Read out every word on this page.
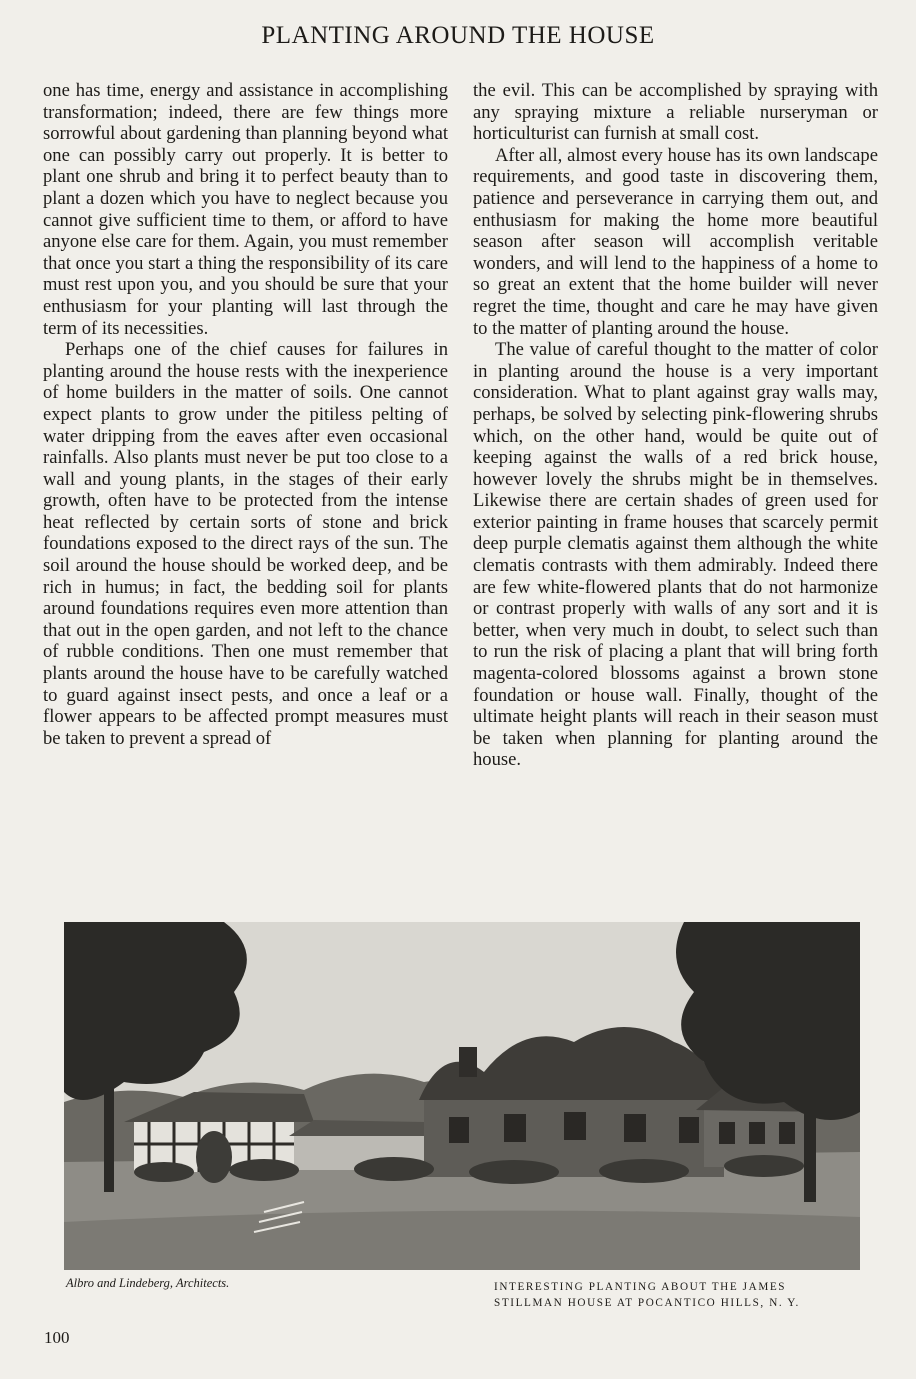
PLANTING AROUND THE HOUSE

one has time, energy and assistance in accomplishing transformation; indeed, there are few things more sorrowful about gardening than planning beyond what one can possibly carry out properly. It is better to plant one shrub and bring it to perfect beauty than to plant a dozen which you have to neglect because you cannot give sufficient time to them, or afford to have anyone else care for them. Again, you must remember that once you start a thing the responsibility of its care must rest upon you, and you should be sure that your enthusiasm for your planting will last through the term of its necessities.

Perhaps one of the chief causes for failures in planting around the house rests with the inexperience of home builders in the matter of soils. One cannot expect plants to grow under the pitiless pelting of water dripping from the eaves after even occasional rainfalls. Also plants must never be put too close to a wall and young plants, in the stages of their early growth, often have to be protected from the intense heat reflected by certain sorts of stone and brick foundations exposed to the direct rays of the sun. The soil around the house should be worked deep, and be rich in humus; in fact, the bedding soil for plants around foundations requires even more attention than that out in the open garden, and not left to the chance of rubble conditions. Then one must remember that plants around the house have to be carefully watched to guard against insect pests, and once a leaf or a flower appears to be affected prompt measures must be taken to prevent a spread of

the evil. This can be accomplished by spraying with any spraying mixture a reliable nurseryman or horticulturist can furnish at small cost.

After all, almost every house has its own landscape requirements, and good taste in discovering them, patience and perseverance in carrying them out, and enthusiasm for making the home more beautiful season after season will accomplish veritable wonders, and will lend to the happiness of a home to so great an extent that the home builder will never regret the time, thought and care he may have given to the matter of planting around the house.

The value of careful thought to the matter of color in planting around the house is a very important consideration. What to plant against gray walls may, perhaps, be solved by selecting pink-flowering shrubs which, on the other hand, would be quite out of keeping against the walls of a red brick house, however lovely the shrubs might be in themselves. Likewise there are certain shades of green used for exterior painting in frame houses that scarcely permit deep purple clematis against them although the white clematis contrasts with them admirably. Indeed there are few white-flowered plants that do not harmonize or contrast properly with walls of any sort and it is better, when very much in doubt, to select such than to run the risk of placing a plant that will bring forth magenta-colored blossoms against a brown stone foundation or house wall. Finally, thought of the ultimate height plants will reach in their season must be taken when planning for planting around the house.

Albro and Lindeberg, Architects.	INTERESTING PLANTING ABOUT THE JAMES
STILLMAN HOUSE AT POCANTICO HILLS, N. Y.
100
